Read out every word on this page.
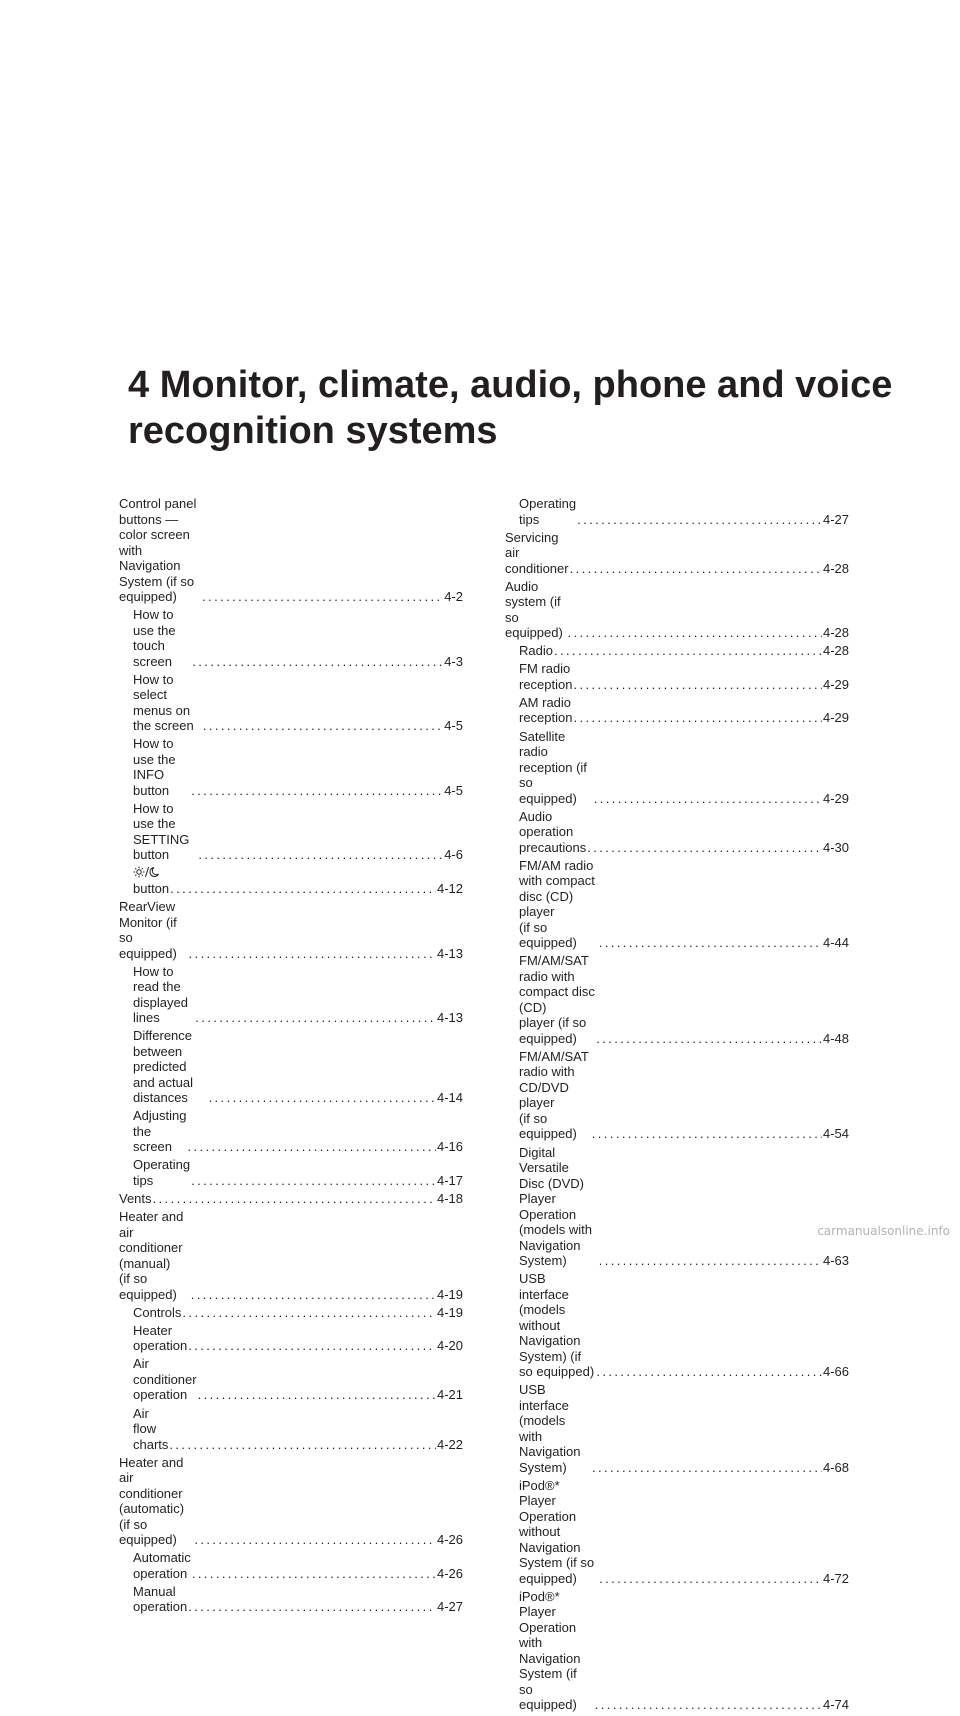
4 Monitor, climate, audio, phone and voice recognition systems
Control panel buttons — color screen with
Navigation System (if so equipped) .....	4-2
How to use the touch screen .....	4-3
How to select menus on the screen .....	4-5
How to use the INFO button .....	4-5
How to use the SETTING button .....	4-6
button .....	4-12
RearView Monitor (if so equipped) .....	4-13
How to read the displayed lines .....	4-13
Difference between predicted and actual
distances .....	4-14
Adjusting the screen .....	4-16
Operating tips .....	4-17
Vents .....	4-18
Heater and air conditioner (manual)
(if so equipped) .....	4-19
Controls .....	4-19
Heater operation .....	4-20
Air conditioner operation .....	4-21
Air flow charts .....	4-22
Heater and air conditioner (automatic)
(if so equipped) .....	4-26
Automatic operation .....	4-26
Manual operation .....	4-27
Operating tips .....	4-27
Servicing air conditioner .....	4-28
Audio system (if so equipped) .....	4-28
Radio .....	4-28
FM radio reception .....	4-29
AM radio reception .....	4-29
Satellite radio reception (if so equipped) .....	4-29
Audio operation precautions .....	4-30
FM/AM radio with compact disc (CD) player
(if so equipped) .....	4-44
FM/AM/SAT radio with compact disc (CD)
player (if so equipped) .....	4-48
FM/AM/SAT radio with CD/DVD player
(if so equipped) .....	4-54
Digital Versatile Disc (DVD) Player
Operation (models with Navigation System) .....	4-63
USB interface (models without Navigation
System) (if so equipped) .....	4-66
USB interface (models with Navigation
System) .....	4-68
iPod®* Player Operation without Navigation
System (if so equipped) .....	4-72
iPod®* Player Operation with Navigation
System (if so equipped) .....	4-74
carmanualsonline.info
